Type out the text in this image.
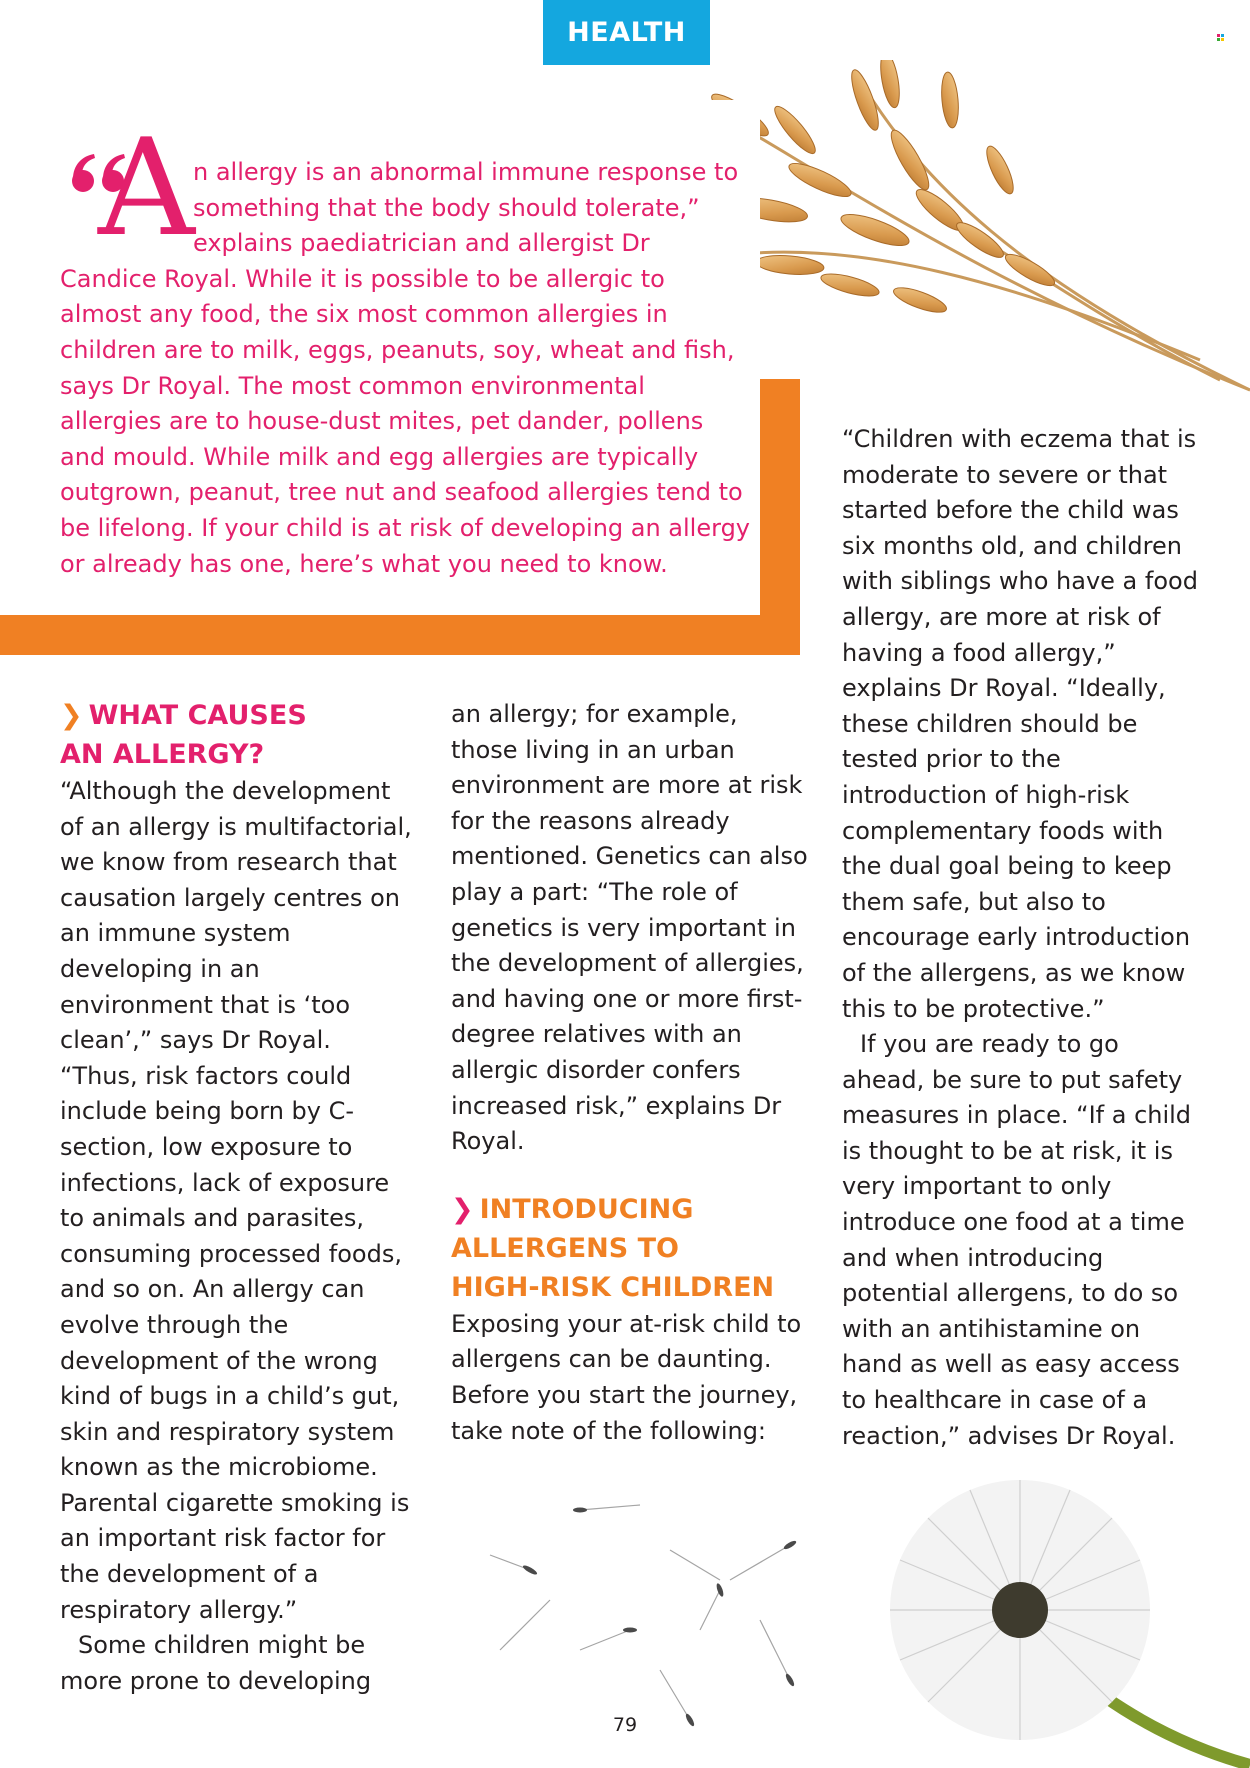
HEALTH

A
n allergy is an abnormal immune response to something that the body should tolerate,” explains paediatrician and allergist Dr Candice Royal. While it is possible to be allergic to almost any food, the six most common allergies in children are to milk, eggs, peanuts, soy, wheat and fish, says Dr Royal. The most common environmental allergies are to house-dust mites, pet dander, pollens and mould. While milk and egg allergies are typically outgrown, peanut, tree nut and seafood allergies tend to be lifelong. If your child is at risk of developing an allergy or already has one, here’s what you need to know.

❯ WHAT CAUSES
AN ALLERGY?

“Although the development of an allergy is multifactorial, we know from research that causation largely centres on an immune system developing in an environment that is ‘too clean’,” says Dr Royal. “Thus, risk factors could include being born by C-section, low exposure to infections, lack of exposure to animals and parasites, consuming processed foods, and so on. An allergy can evolve through the development of the wrong kind of bugs in a child’s gut, skin and respiratory system known as the microbiome. Parental cigarette smoking is an important risk factor for the development of a respiratory allergy.”

Some children might be more prone to developing

an allergy; for example, those living in an urban environment are more at risk for the reasons already mentioned. Genetics can also play a part: “The role of genetics is very important in the development of allergies, and having one or more first-degree relatives with an allergic disorder confers increased risk,” explains Dr Royal.

❯ INTRODUCING
ALLERGENS TO
HIGH-RISK CHILDREN

Exposing your at-risk child to allergens can be daunting. Before you start the journey, take note of the following:

“Children with eczema that is moderate to severe or that started before the child was six months old, and children with siblings who have a food allergy, are more at risk of having a food allergy,” explains Dr Royal. “Ideally, these children should be tested prior to the introduction of high-risk complementary foods with the dual goal being to keep them safe, but also to encourage early introduction of the allergens, as we know this to be protective.”

If you are ready to go ahead, be sure to put safety measures in place. “If a child is thought to be at risk, it is very important to only introduce one food at a time and when introducing potential allergens, to do so with an antihistamine on hand as well as easy access to healthcare in case of a reaction,” advises Dr Royal.

79
